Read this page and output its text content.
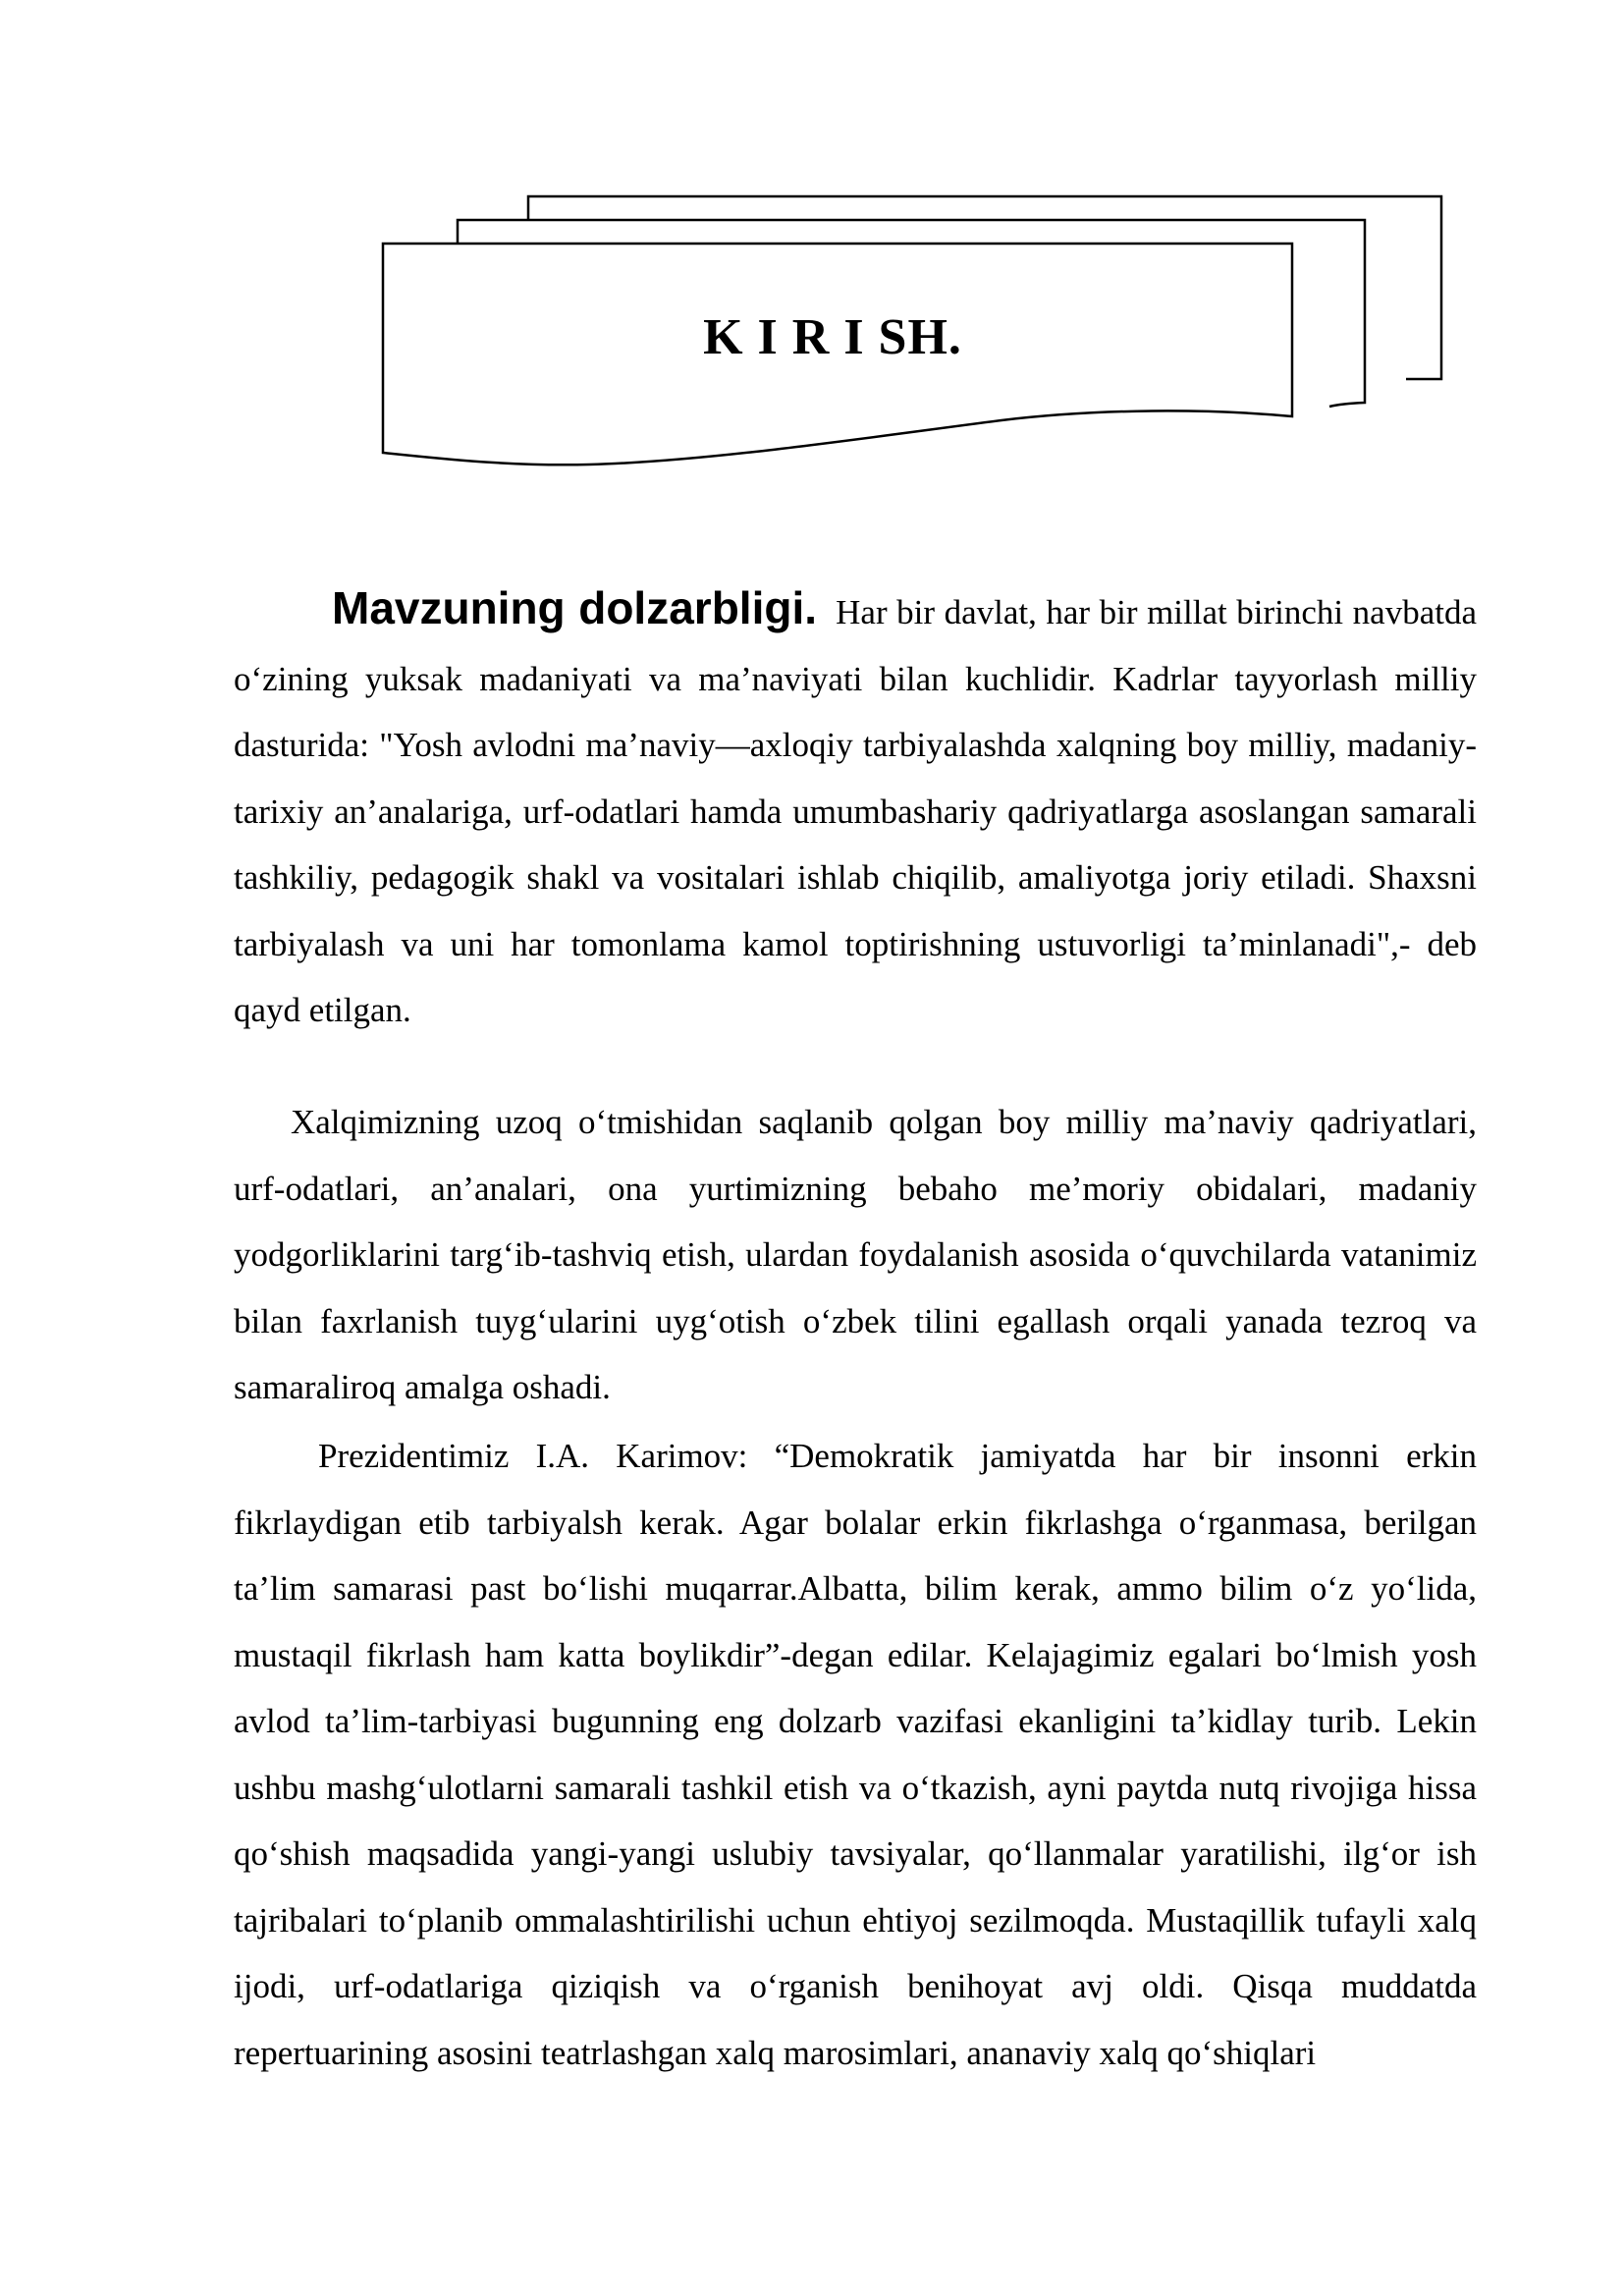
K I R I SH.

Mavzuning dolzarbligi. Har bir davlat, har bir millat birinchi navbatda o‘zining yuksak madaniyati va ma’naviyati bilan kuchlidir. Kadrlar tayyorlash milliy dasturida: "Yosh avlodni ma’naviy—axloqiy tarbiyalashda xalqning boy milliy, madaniy-tarixiy an’analariga, urf-odatlari hamda umumbashariy qadriyatlarga asoslangan samarali tashkiliy, pedagogik shakl va vositalari ishlab chiqilib, amaliyotga joriy etiladi. Shaxsni tarbiyalash va uni har tomonlama kamol toptirishning ustuvorligi ta’minlanadi",- deb qayd etilgan.

Xalqimizning uzoq o‘tmishidan saqlanib qolgan boy milliy ma’naviy qadriyatlari, urf-odatlari, an’analari, ona yurtimizning bebaho me’moriy obidalari, madaniy yodgorliklarini targ‘ib-tashviq etish, ulardan foydalanish asosida o‘quvchilarda vatanimiz bilan faxrlanish tuyg‘ularini uyg‘otish o‘zbek tilini egallash orqali yanada tezroq va samaraliroq amalga oshadi.

Prezidentimiz I.A. Karimov: “Demokratik jamiyatda har bir insonni erkin fikrlaydigan etib tarbiyalsh kerak. Agar bolalar erkin fikrlashga o‘rganmasa, berilgan ta’lim samarasi past bo‘lishi muqarrar.Albatta, bilim kerak, ammo bilim o‘z yo‘lida, mustaqil fikrlash ham katta boylikdir”-degan edilar. Kelajagimiz egalari bo‘lmish yosh avlod ta’lim-tarbiyasi bugunning eng dolzarb vazifasi ekanligini ta’kidlay turib. Lekin ushbu mashg‘ulotlarni samarali tashkil etish va o‘tkazish, ayni paytda nutq rivojiga hissa qo‘shish maqsadida yangi-yangi uslubiy tavsiyalar, qo‘llanmalar yaratilishi, ilg‘or ish tajribalari to‘planib ommalashtirilishi uchun ehtiyoj sezilmoqda. Mustaqillik tufayli xalq ijodi, urf-odatlariga qiziqish va o‘rganish benihoyat avj oldi. Qisqa muddatda repertuarining asosini teatrlashgan xalq marosimlari, ananaviy xalq qo‘shiqlari
